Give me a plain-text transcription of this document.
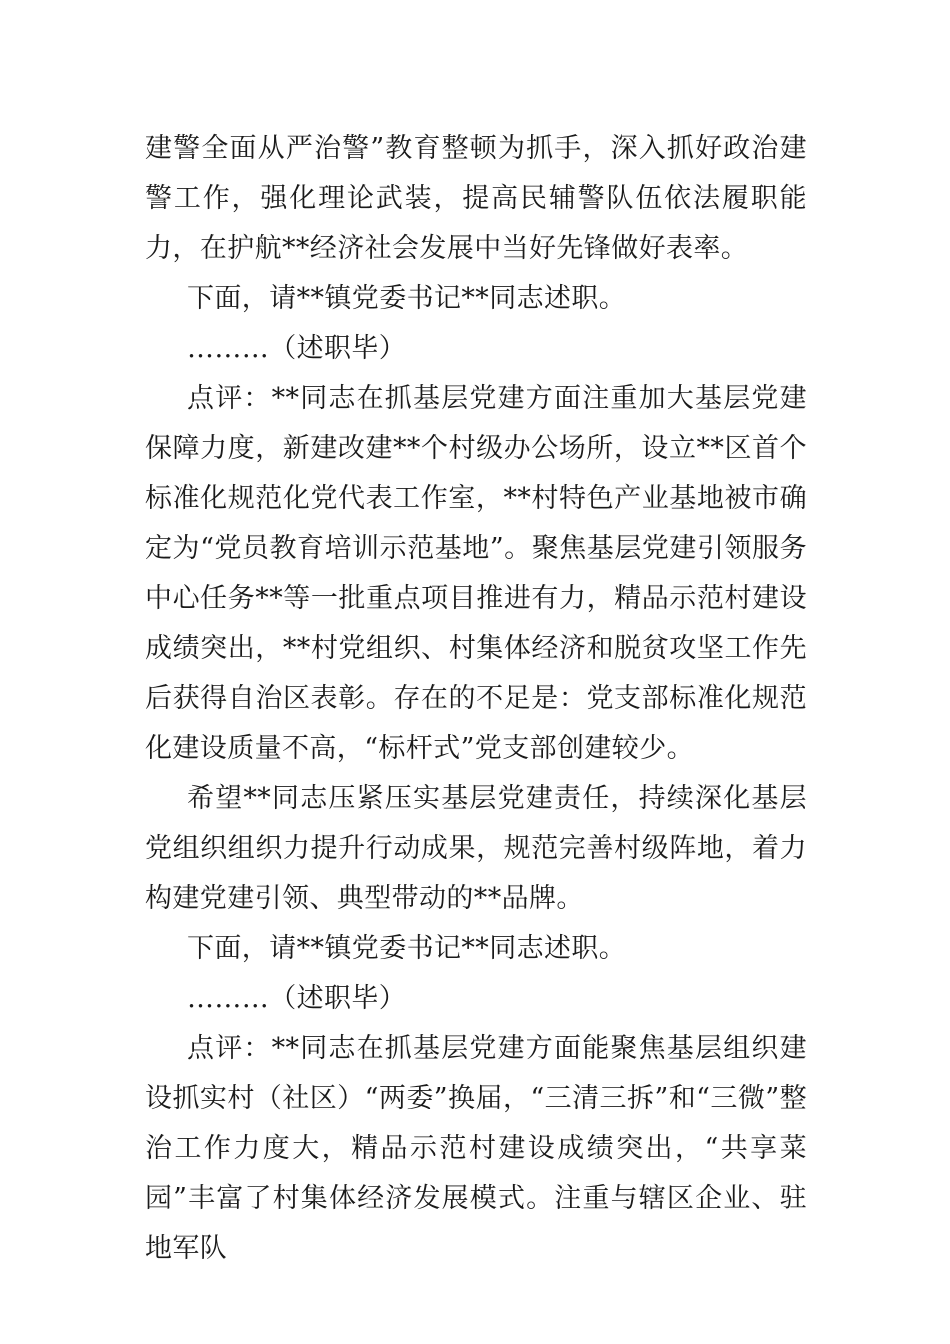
建警全面从严治警”教育整顿为抓手，深入抓好政治建警工作，强化理论武装，提高民辅警队伍依法履职能力，在护航**经济社会发展中当好先锋做好表率。

下面，请**镇党委书记**同志述职。

………（述职毕）

点评：**同志在抓基层党建方面注重加大基层党建保障力度，新建改建**个村级办公场所，设立**区首个标准化规范化党代表工作室，**村特色产业基地被市确定为“党员教育培训示范基地”。聚焦基层党建引领服务中心任务**等一批重点项目推进有力，精品示范村建设成绩突出，**村党组织、村集体经济和脱贫攻坚工作先后获得自治区表彰。存在的不足是：党支部标准化规范化建设质量不高，“标杆式”党支部创建较少。

希望**同志压紧压实基层党建责任，持续深化基层党组织组织力提升行动成果，规范完善村级阵地，着力构建党建引领、典型带动的**品牌。

下面，请**镇党委书记**同志述职。

………（述职毕）

点评：**同志在抓基层党建方面能聚焦基层组织建设抓实村（社区）“两委”换届，“三清三拆”和“三微”整治工作力度大，精品示范村建设成绩突出，“共享菜园”丰富了村集体经济发展模式。注重与辖区企业、驻地军队
